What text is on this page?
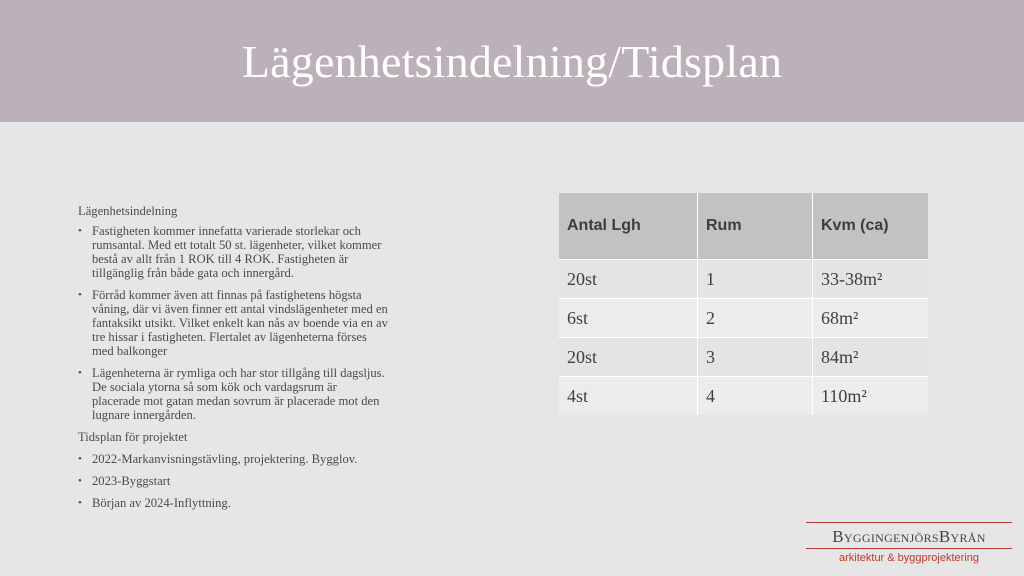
Lägenhetsindelning/Tidsplan
Lägenhetsindelning
• Fastigheten kommer innefatta varierade storlekar och rumsantal. Med ett totalt 50 st. lägenheter, vilket kommer bestå av allt från 1 ROK till 4 ROK. Fastigheten är tillgänglig från både gata och innergård.
• Förråd kommer även att finnas på fastighetens högsta våning, där vi även finner ett antal vindslägenheter med en fantaksikt utsikt. Vilket enkelt kan nås av boende via en av tre hissar i fastigheten. Flertalet av lägenheterna förses med balkonger
• Lägenheterna är rymliga och har stor tillgång till dagsljus. De sociala ytorna så som kök och vardagsrum är placerade mot gatan medan sovrum är placerade mot den lugnare innergården.
Tidsplan för projektet
• 2022-Markanvisningstävling, projektering. Bygglov.
• 2023-Byggstart
• Början av 2024-Inflyttning.
Antal Lgh	Rum	Kvm (ca)
20st	1	33-38m²
6st	2	68m²
20st	3	84m²
4st	4	110m²
ByggingenjörsByrån
arkitektur & byggprojektering
